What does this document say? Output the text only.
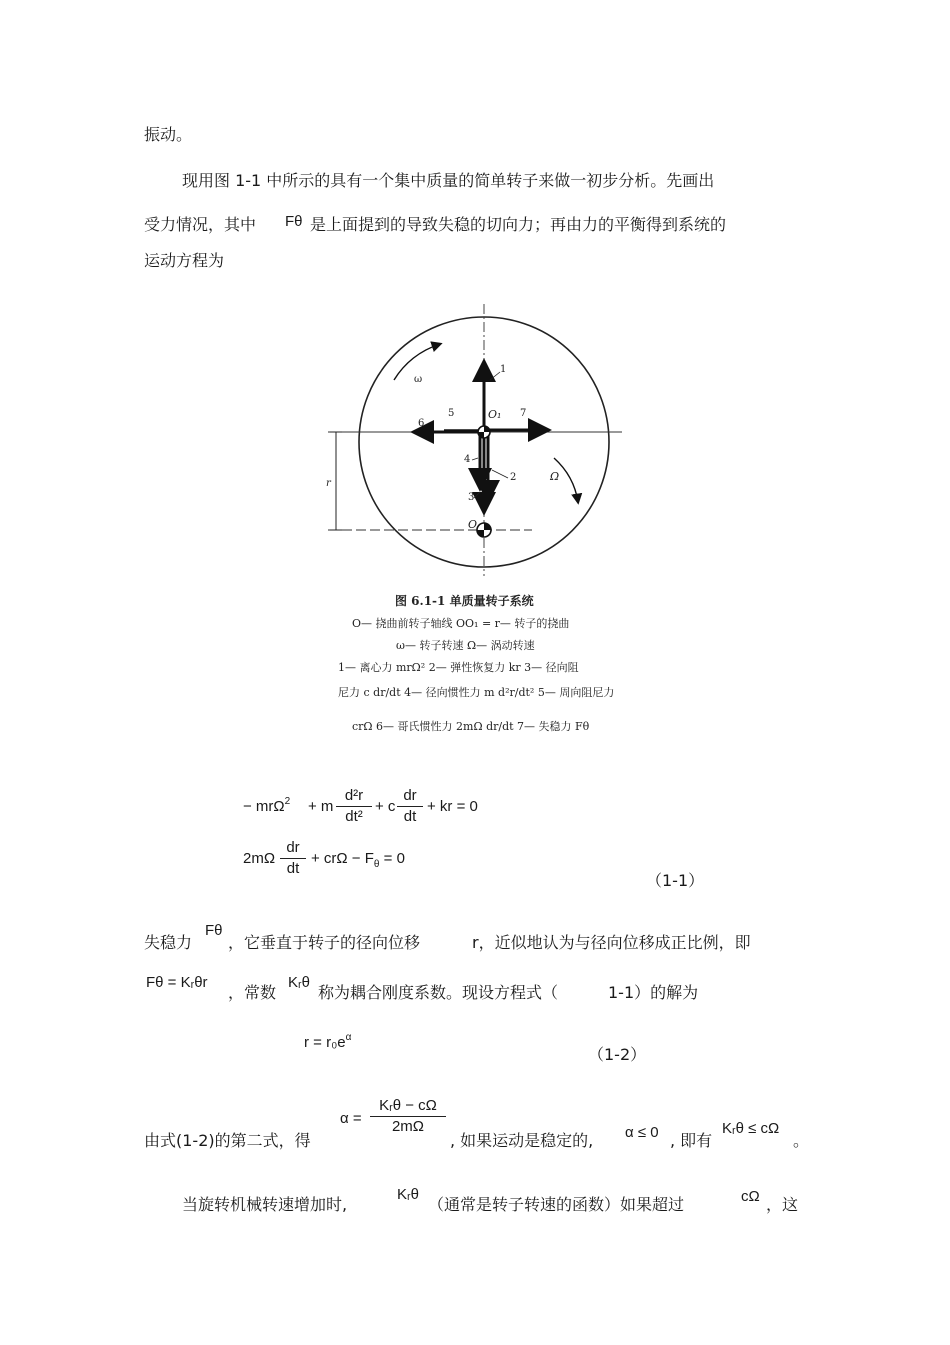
振动。
现用图 1-1 中所示的具有一个集中质量的简单转子来做一初步分析。先画出
受力情况，其中 Fθ 是上面提到的导致失稳的切向力；再由力的平衡得到系统的
运动方程为
ω
Ω
r
O
O₁
1
2
3
4
5
6
7
图 6.1-1 单质量转子系统
O— 挠曲前转子轴线 OO₁ = r— 转子的挠曲
ω— 转子转速 Ω— 涡动转速
1— 离心力 mrΩ² 2— 弹性恢复力 kr 3— 径向阻
尼力 c dr/dt 4— 径向惯性力 m d²r/dt² 5— 周向阻尼力
crΩ 6— 哥氏惯性力 2mΩ dr/dt 7— 失稳力 Fθ
− mrΩ$^2$ + m $\frac{\text{d²r}}{\text{dt²}} + c \frac{dr}{dt}$ + kr = 0
$2m\Omega \frac{dr}{dt} + cr\Omega - F_\theta = 0$
（1-1）
失稳力
Fθ
，它垂直于转子的径向位移	r，近似地认为与径向位移成正比例，即
Fθ = Kᵣθr
，常数
Kᵣθ
称为耦合刚度系数。现设方程式（	1-1）的解为
$r = r_0e^\alpha$
（1-2）
由式(1-2)的第二式，得
α =
Kᵣθ − cΩ
2mΩ
, 如果运动是稳定的, α ≤ 0 , 即有
Kᵣθ ≤ cΩ
。
当旋转机械转速增加时,
Kᵣθ
（通常是转子转速的函数）如果超过	cΩ ，这
